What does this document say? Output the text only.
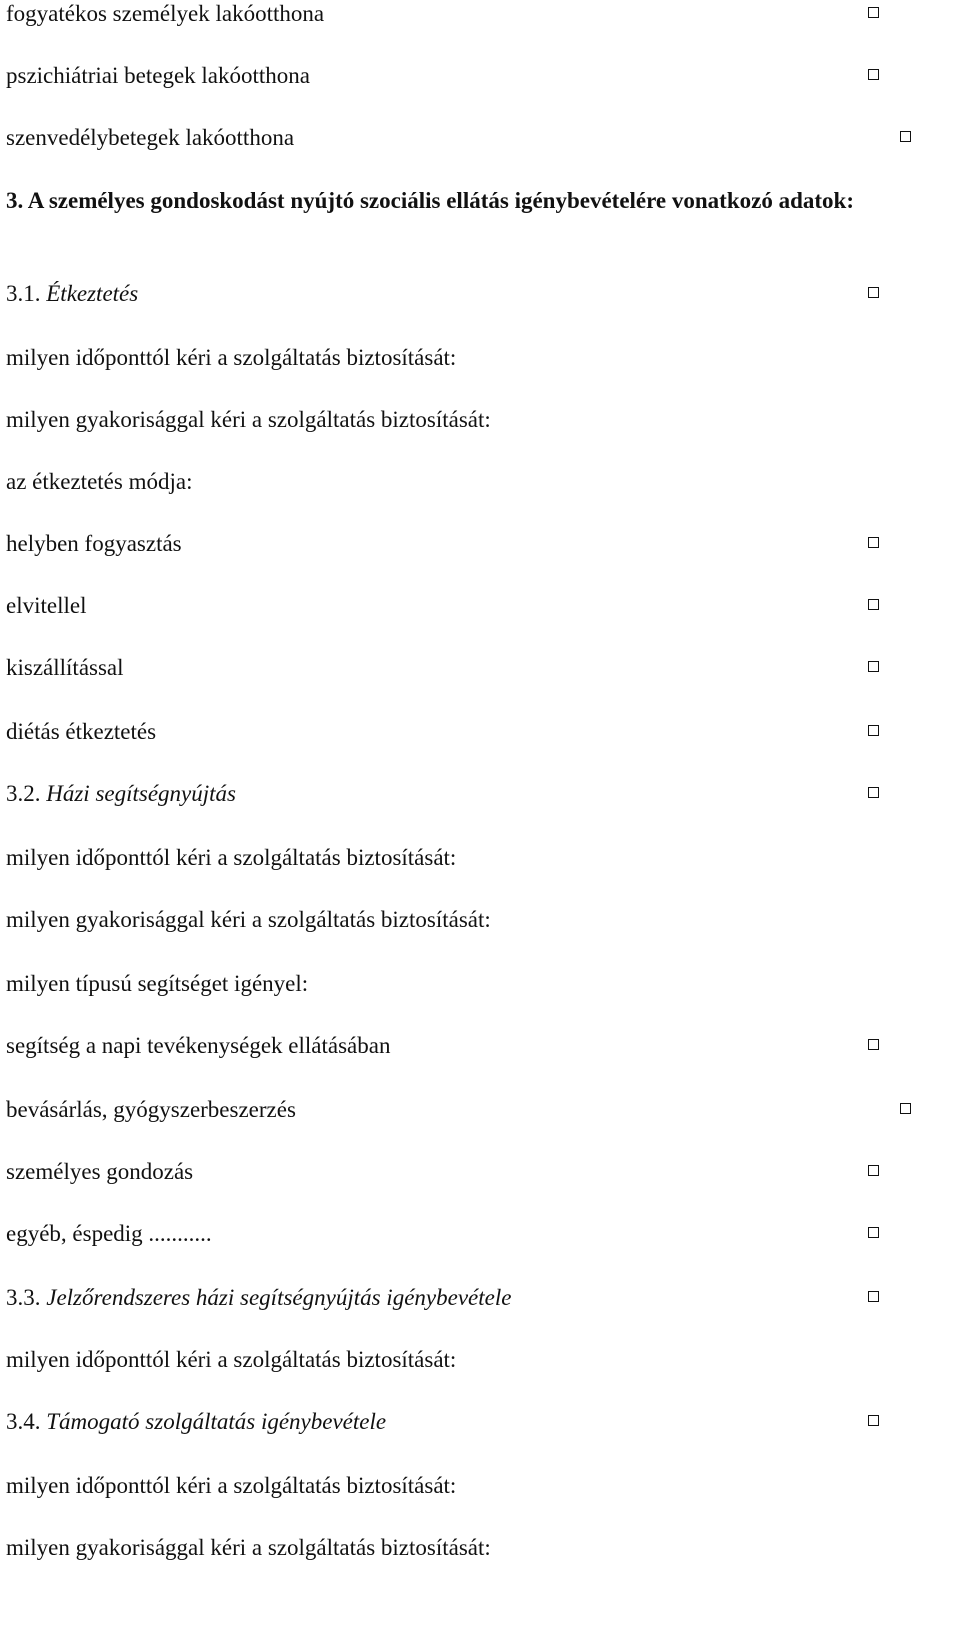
fogyatékos személyek lakóotthona
pszichiátriai betegek lakóotthona
szenvedélybetegek lakóotthona
3. A személyes gondoskodást nyújtó szociális ellátás igénybevételére vonatkozó adatok:
3.1. Étkeztetés
milyen időponttól kéri a szolgáltatás biztosítását:
milyen gyakorisággal kéri a szolgáltatás biztosítását:
az étkeztetés módja:
helyben fogyasztás
elvitellel
kiszállítással
diétás étkeztetés
3.2. Házi segítségnyújtás
milyen időponttól kéri a szolgáltatás biztosítását:
milyen gyakorisággal kéri a szolgáltatás biztosítását:
milyen típusú segítséget igényel:
segítség a napi tevékenységek ellátásában
bevásárlás, gyógyszerbeszerzés
személyes gondozás
egyéb, éspedig ...........
3.3. Jelzőrendszeres házi segítségnyújtás igénybevétele
milyen időponttól kéri a szolgáltatás biztosítását:
3.4. Támogató szolgáltatás igénybevétele
milyen időponttól kéri a szolgáltatás biztosítását:
milyen gyakorisággal kéri a szolgáltatás biztosítását:
